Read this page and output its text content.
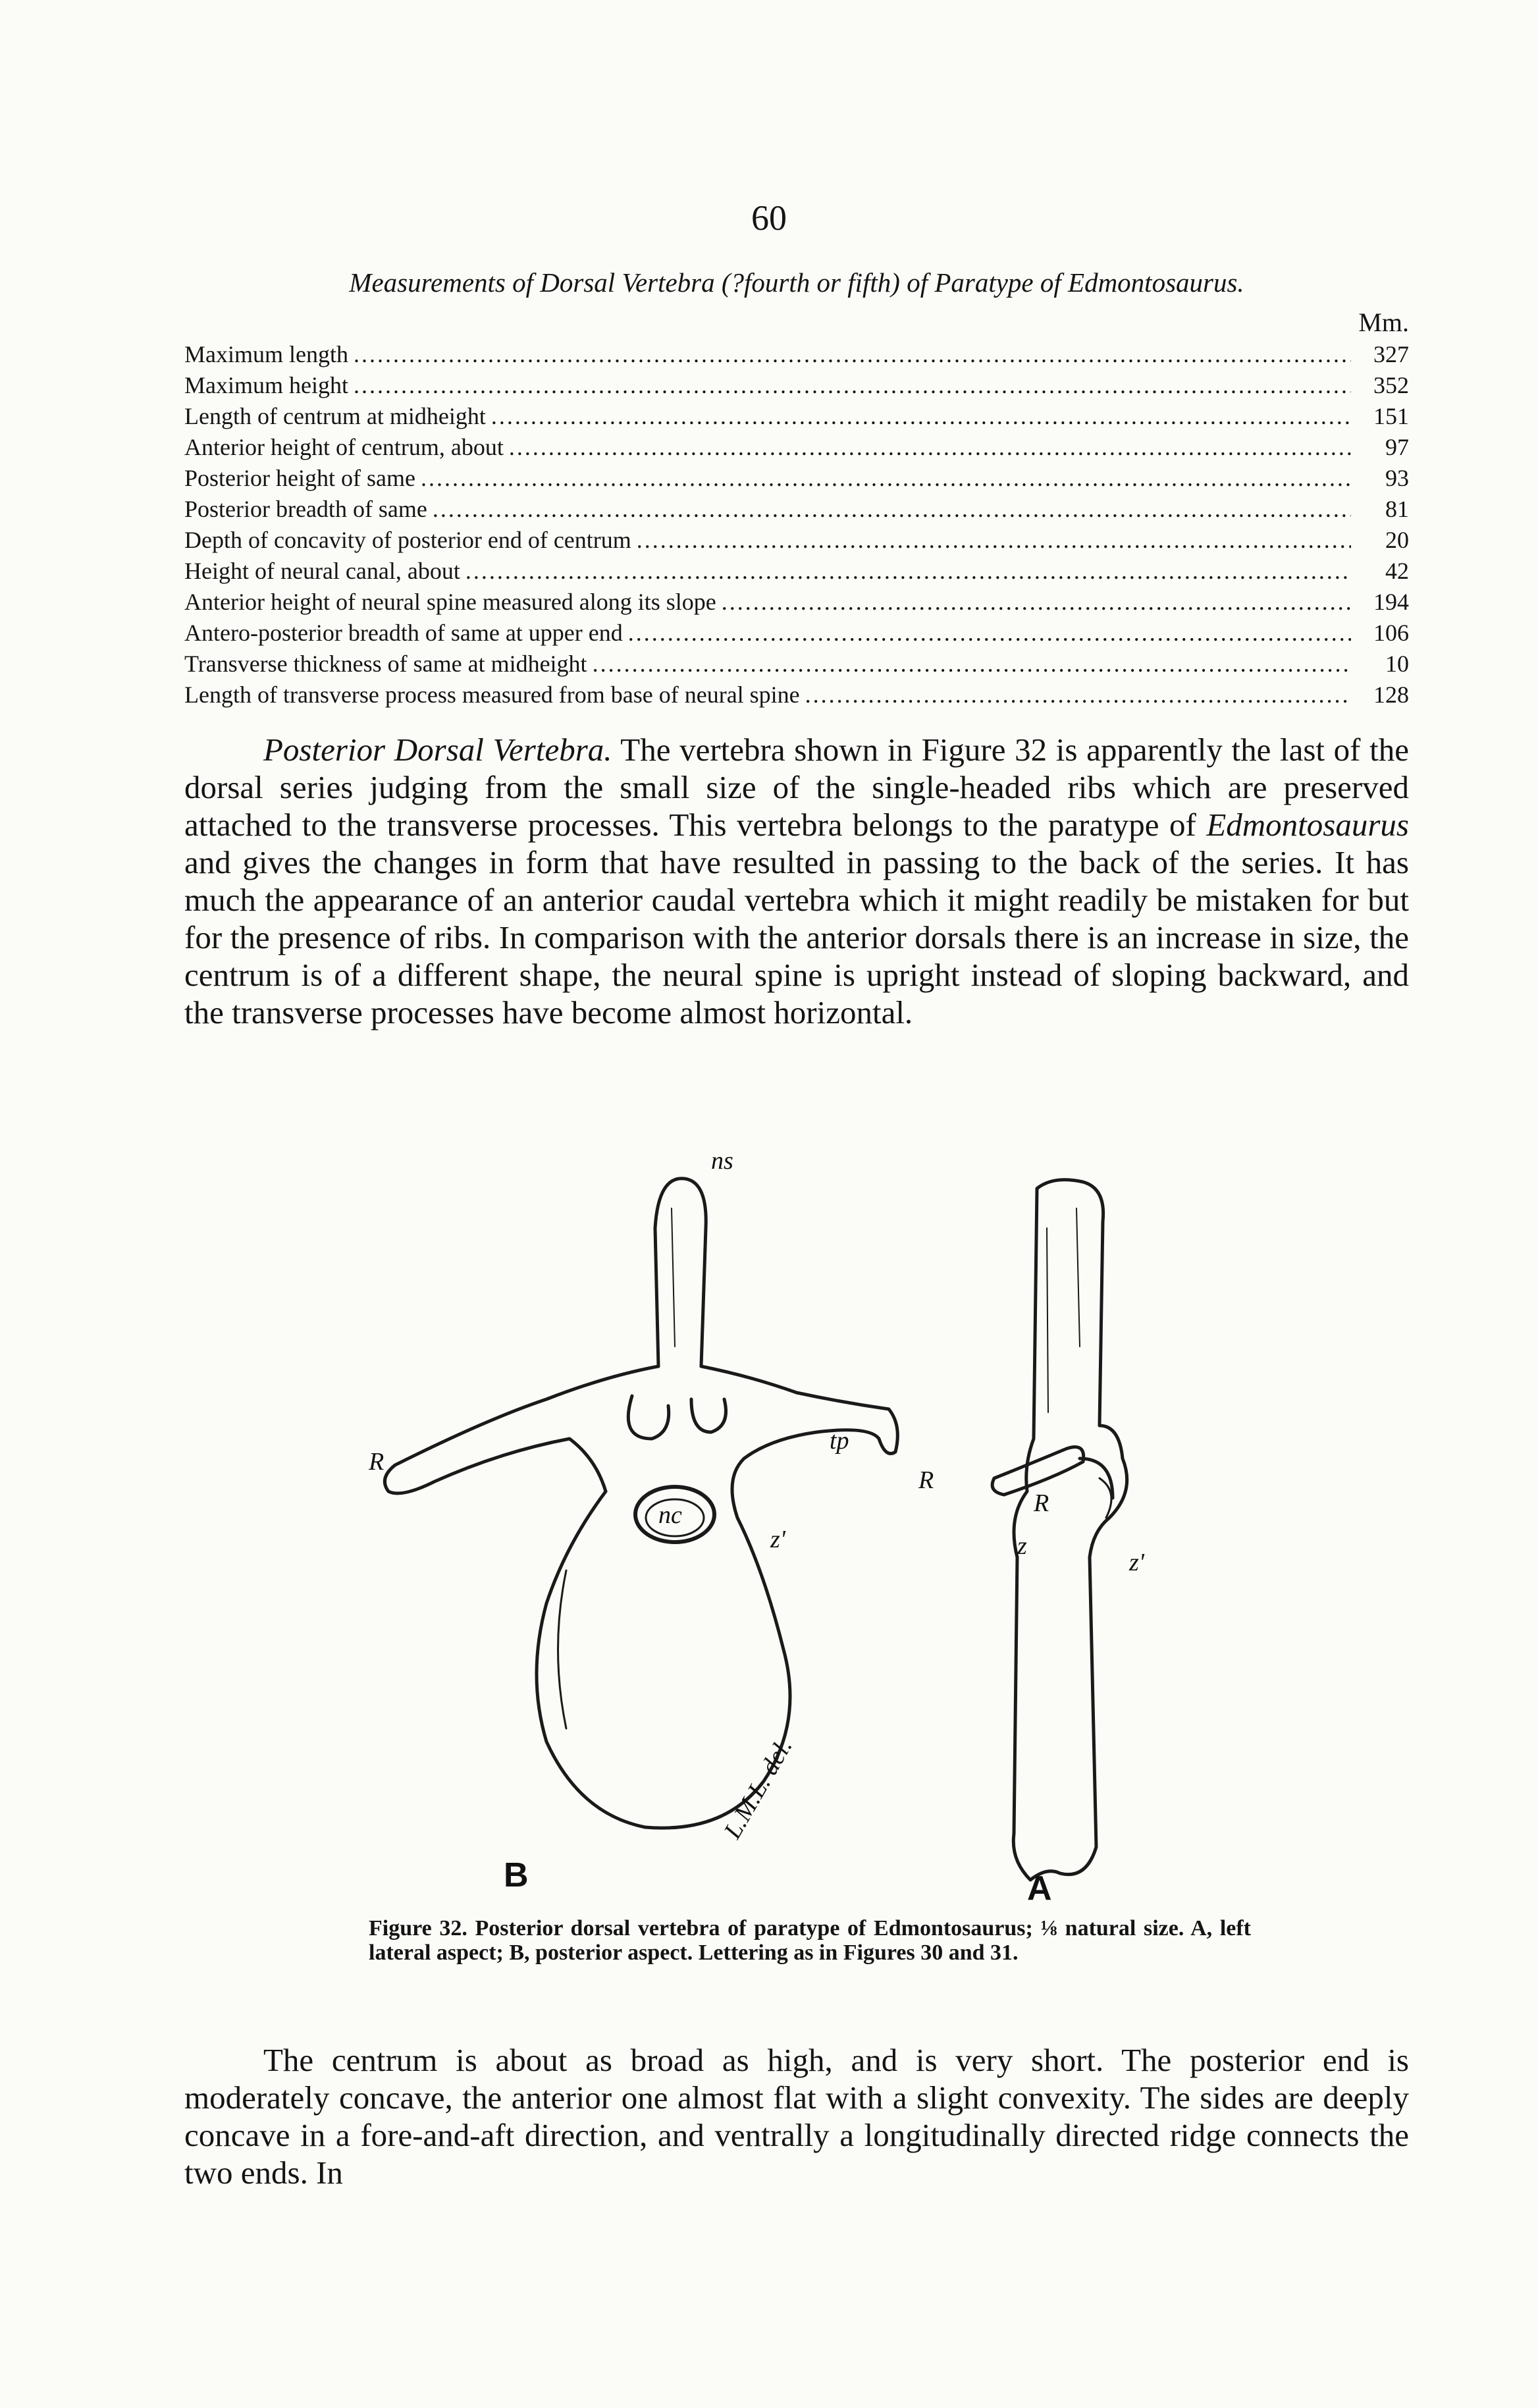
60
Measurements of Dorsal Vertebra (?fourth or fifth) of Paratype of Edmontosaurus.
Mm.
Maximum length .....	327
Maximum height .....	352
Length of centrum at midheight .....	151
Anterior height of centrum, about .....	97
Posterior height of same .....	93
Posterior breadth of same .....	81
Depth of concavity of posterior end of centrum .....	20
Height of neural canal, about .....	42
Anterior height of neural spine measured along its slope .....	194
Antero-posterior breadth of same at upper end .....	106
Transverse thickness of same at midheight .....	10
Length of transverse process measured from base of neural spine .....	128

Posterior Dorsal Vertebra. The vertebra shown in Figure 32 is apparently the last of the dorsal series judging from the small size of the single-headed ribs which are preserved attached to the transverse processes. This vertebra belongs to the paratype of Edmontosaurus and gives the changes in form that have resulted in passing to the back of the series. It has much the appearance of an anterior caudal vertebra which it might readily be mistaken for but for the presence of ribs. In comparison with the anterior dorsals there is an increase in size, the centrum is of a different shape, the neural spine is upright instead of sloping backward, and the transverse processes have become almost horizontal.

ns
tp
R
R
z'
nc	R
z
z'
B	A
L.M.L. del.
Figure 32. Posterior dorsal vertebra of paratype of Edmontosaurus; ⅛ natural size. A, left lateral aspect; B, posterior aspect. Lettering as in Figures 30 and 31.

The centrum is about as broad as high, and is very short. The posterior end is moderately concave, the anterior one almost flat with a slight convexity. The sides are deeply concave in a fore-and-aft direction, and ventrally a longitudinally directed ridge connects the two ends. In
